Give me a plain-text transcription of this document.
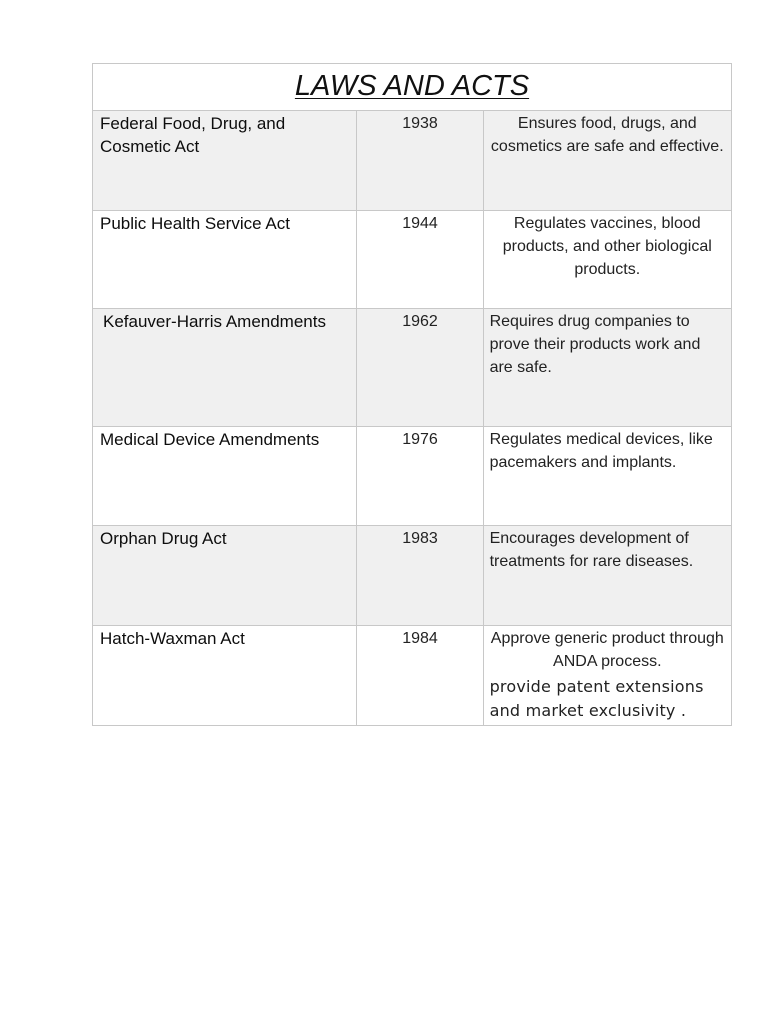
LAWS AND ACTS		

Federal Food, Drug, and Cosmetic Act	1938	Ensures food, drugs, and cosmetics are safe and effective.

Public Health Service Act	1944	Regulates vaccines, blood products, and other biological products.

Kefauver-Harris Amendments	1962	Requires drug companies to prove their products work and are safe.

Medical Device Amendments	1976	Regulates medical devices, like pacemakers and implants.

Orphan Drug Act	1983	Encourages development of treatments for rare diseases.

Hatch-Waxman Act	1984	Approve generic product through ANDA process.
provide patent extensions and market exclusivity .
